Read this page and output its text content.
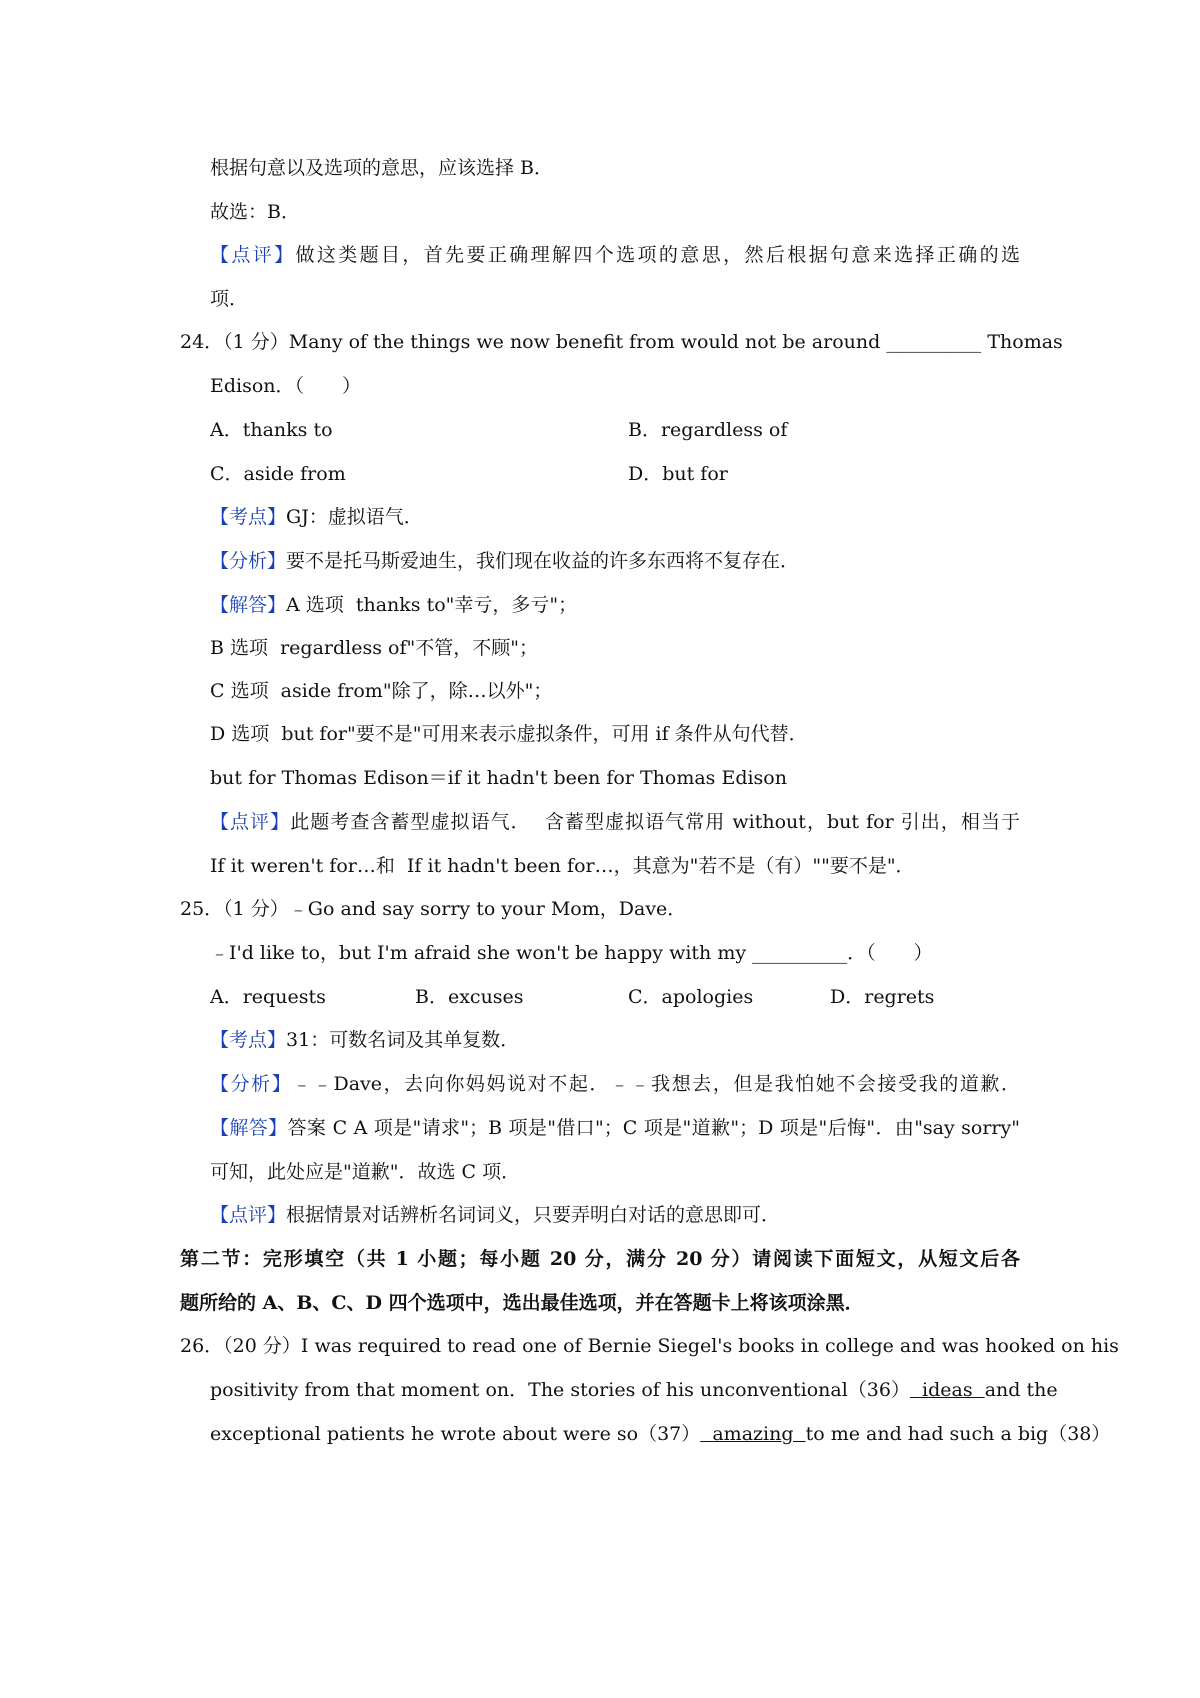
根据句意以及选项的意思，应该选择 B．
故选：B．
【点评】做这类题目，首先要正确理解四个选项的意思，然后根据句意来选择正确的选
项．
24．（1 分）Many of the things we now benefit from would not be around __________ Thomas
Edison．（　　）
A．thanks to	B．regardless of
C．aside from	D．but for
【考点】GJ：虚拟语气．
【分析】要不是托马斯爱迪生，我们现在收益的许多东西将不复存在．
【解答】A 选项  thanks to"幸亏，多亏"；
B 选项  regardless of"不管，不顾"；
C 选项  aside from"除了，除…以外"；
D 选项  but for"要不是"可用来表示虚拟条件，可用 if 条件从句代替．
but for Thomas Edison＝if it hadn't been for Thomas Edison
【点评】此题考查含蓄型虚拟语气．  含蓄型虚拟语气常用 without，but for 引出，相当于
If it weren't for…和  If it hadn't been for…，其意为"若不是（有）""要不是"．
25．（1 分）﹣Go and say sorry to your Mom，Dave．
﹣I'd like to，but I'm afraid she won't be happy with my __________．（　　）
A．requests	B．excuses	C．apologies	D．regrets
【考点】31：可数名词及其单复数．
【分析】﹣﹣Dave，去向你妈妈说对不起．﹣﹣我想去，但是我怕她不会接受我的道歉．
【解答】答案 C A 项是"请求"；B 项是"借口"；C 项是"道歉"；D 项是"后悔"．由"say sorry"
可知，此处应是"道歉"．故选 C 项．
【点评】根据情景对话辨析名词词义，只要弄明白对话的意思即可．
第二节：完形填空（共 1 小题；每小题 20 分，满分 20 分）请阅读下面短文，从短文后各
题所给的 A、B、C、D 四个选项中，选出最佳选项，并在答题卡上将该项涂黑．
26．（20 分）I was required to read one of Bernie Siegel's books in college and was hooked on his
positivity from that moment on．The stories of his unconventional（36）  ideas  and the
exceptional patients he wrote about were so（37）  amazing  to me and had such a big（38）
